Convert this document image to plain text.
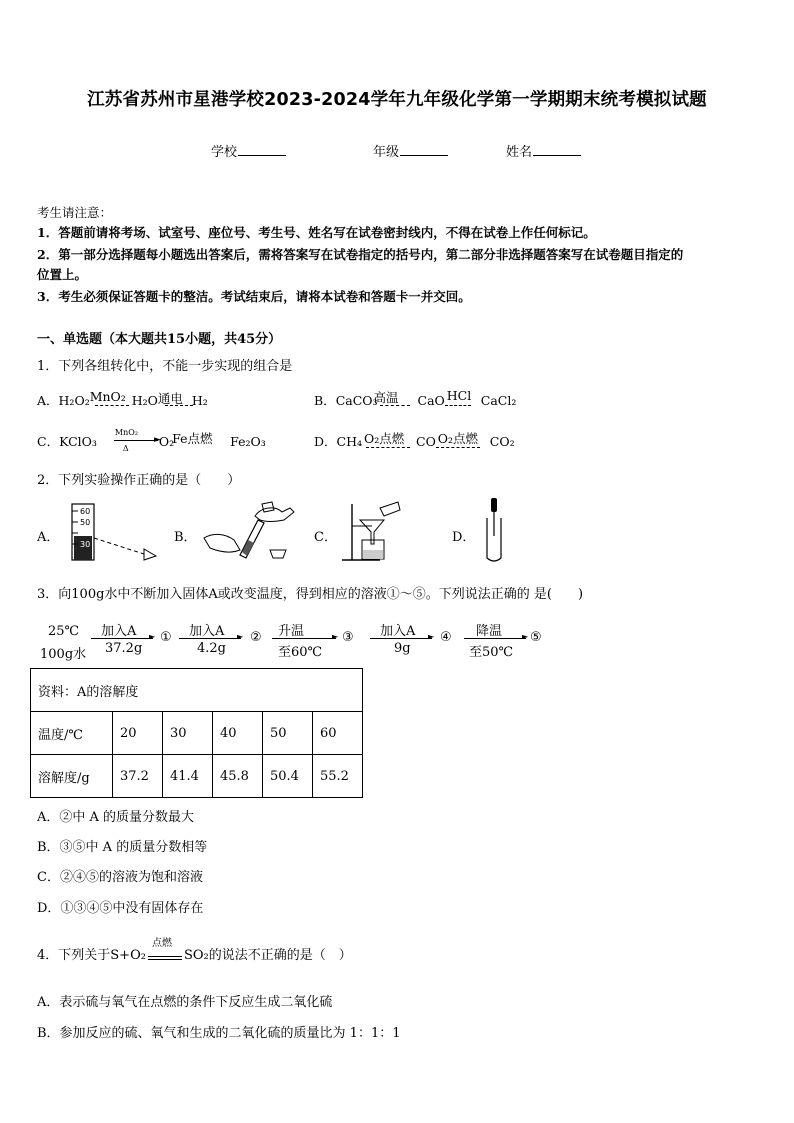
江苏省苏州市星港学校2023-2024学年九年级化学第一学期期末统考模拟试题
学校	年级	姓名
考生请注意：
1．答题前请将考场、试室号、座位号、考生号、姓名写在试卷密封线内，不得在试卷上作任何标记。
2．第一部分选择题每小题选出答案后，需将答案写在试卷指定的括号内，第二部分非选择题答案写在试卷题目指定的
位置上。
3．考生必须保证答题卡的整洁。考试结束后，请将本试卷和答题卡一并交回。
一、单选题（本大题共15小题，共45分）
1．下列各组转化中，不能一步实现的组合是
A．H₂O₂ MnO₂ H₂O 通电 H₂	B．CaCO₃
高温 CaO HCl CaCl₂
C．KClO₃
MnO₂
Δ O₂
Fe点燃 Fe₂O₃
►	D．CH₄ O₂点燃 CO O₂点燃 CO₂
2．下列实验操作正确的是（　　）
A．
60
50
40
30	B．	C．	D．
3．向100g水中不断加入固体A或改变温度，得到相应的溶液①～⑤。下列说法正确的 是(　　)
25℃
100g水
加入A ►
37.2g
① 加入A ►
4.2g
② 升温	►
至60℃
③ 加入A ►
9g
④ 降温 ►
至50℃
⑤
资料：A的溶解度					
温度/℃	20	30	40	50	60
溶解度/g	37.2	41.4	45.8	50.4	55.2
A．②中 A 的质量分数最大
B．③⑤中 A 的质量分数相等
C．②④⑤的溶液为饱和溶液
D．①③④⑤中没有固体存在
4．下列关于S+O₂
点燃
SO₂的说法不正确的是（　）
A．表示硫与氧气在点燃的条件下反应生成二氧化硫
B．参加反应的硫、氧气和生成的二氧化硫的质量比为 1：1：1
